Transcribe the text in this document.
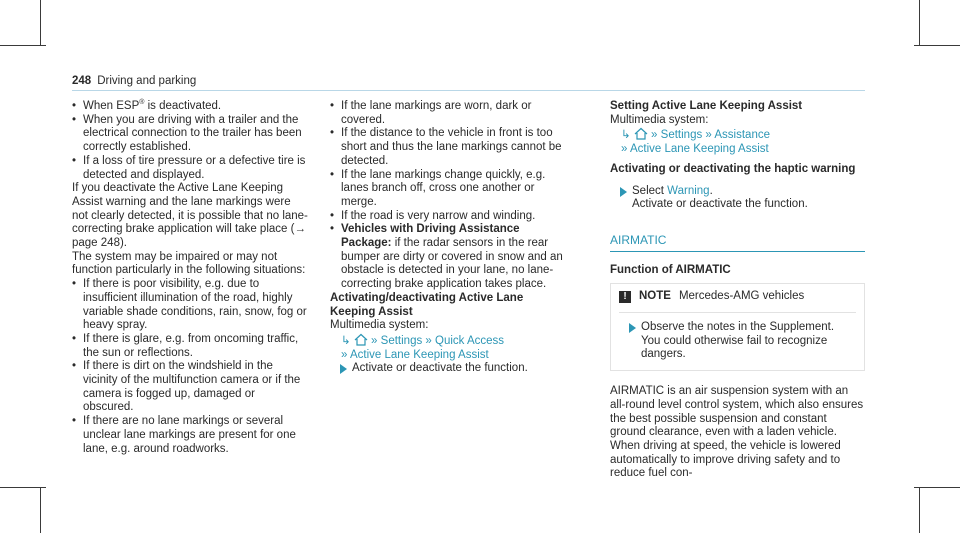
248 Driving and parking

• When ESP® is deactivated.

• When you are driving with a trailer and the electrical connection to the trailer has been correctly established.

• If a loss of tire pressure or a defective tire is detected and displayed.

If you deactivate the Active Lane Keeping Assist warning and the lane markings were not clearly detected, it is possible that no lane-correcting brake application will take place (→ page 248).

The system may be impaired or may not function particularly in the following situations:

• If there is poor visibility, e.g. due to insufficient illumination of the road, highly variable shade conditions, rain, snow, fog or heavy spray.

• If there is glare, e.g. from oncoming traffic, the sun or reflections.

• If there is dirt on the windshield in the vicinity of the multifunction camera or if the camera is fogged up, damaged or obscured.

• If there are no lane markings or several unclear lane markings are present for one lane, e.g. around roadworks.

• If the lane markings are worn, dark or covered.

• If the distance to the vehicle in front is too short and thus the lane markings cannot be detected.

• If the lane markings change quickly, e.g. lanes branch off, cross one another or merge.

• If the road is very narrow and winding.

• Vehicles with Driving Assistance Package: if the radar sensors in the rear bumper are dirty or covered in snow and an obstacle is detected in your lane, no lane-correcting brake application takes place.

Activating/deactivating Active Lane Keeping Assist

Multimedia system:

↳ » Settings » Quick Access

» Active Lane Keeping Assist

Activate or deactivate the function.

Setting Active Lane Keeping Assist

Multimedia system:

↳ » Settings » Assistance

» Active Lane Keeping Assist

Activating or deactivating the haptic warning

Select Warning.

Activate or deactivate the function.

AIRMATIC

Function of AIRMATIC

!	NOTE Mercedes-AMG vehicles

Observe the notes in the Supplement. You could otherwise fail to recognize dangers.

AIRMATIC is an air suspension system with an all-round level control system, which also ensures the best possible suspension and constant ground clearance, even with a laden vehicle. When driving at speed, the vehicle is lowered automatically to improve driving safety and to reduce fuel con-
